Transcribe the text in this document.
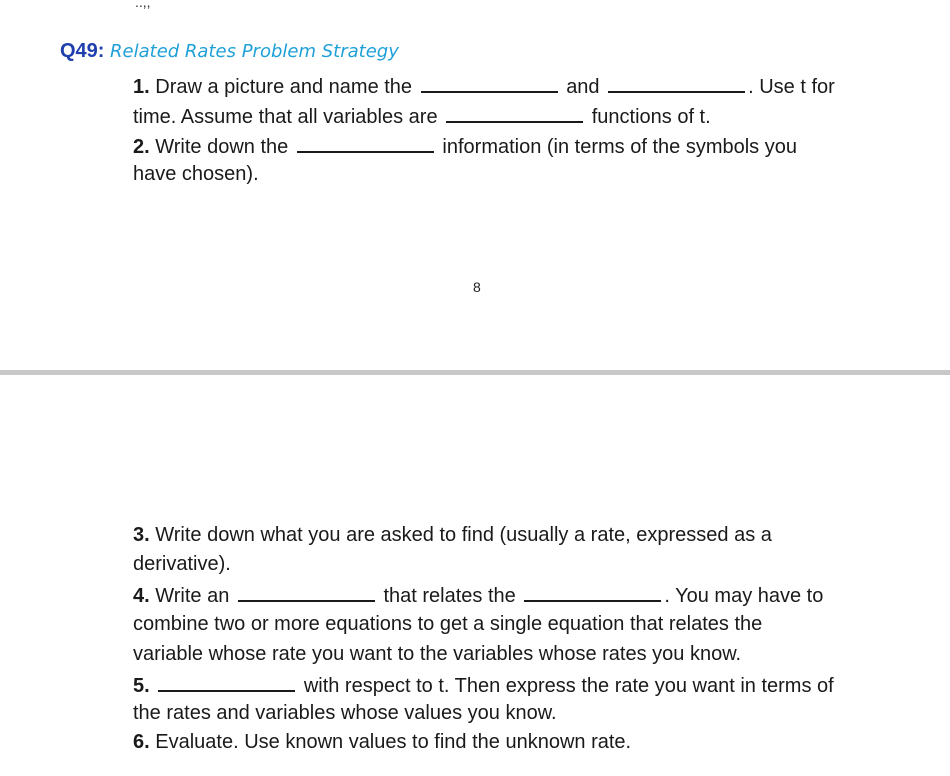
..,,
Q49: Related Rates Problem Strategy
1. Draw a picture and name the	and	. Use t for
time. Assume that all variables are	functions of t.
2. Write down the	information (in terms of the symbols you
have chosen).
8
3. Write down what you are asked to find (usually a rate, expressed as a
derivative).
4. Write an	that relates the	. You may have to
combine two or more equations to get a single equation that relates the
variable whose rate you want to the variables whose rates you know.
5.	with respect to t. Then express the rate you want in terms of
the rates and variables whose values you know.
6. Evaluate. Use known values to find the unknown rate.
